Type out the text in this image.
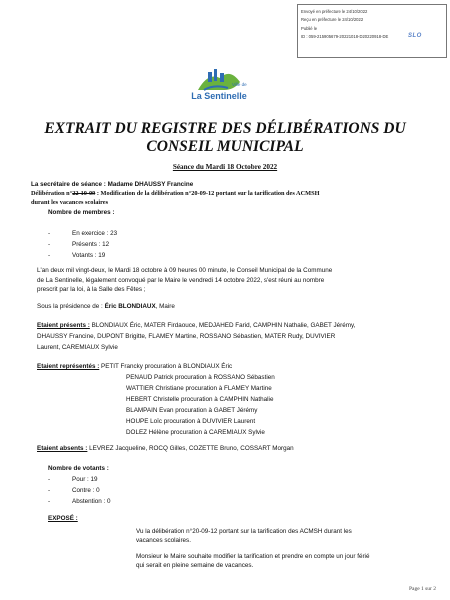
Envoyé en préfecture le 24/10/2022
Reçu en préfecture le 24/10/2022
Publié le
ID : 059-215905679-20221018-D20220918-DE	SLO
Ville de
La Sentinelle
EXTRAIT DU REGISTRE DES DÉLIBÉRATIONS DU CONSEIL MUNICIPAL
Séance du Mardi 18 Octobre 2022
La secrétaire de séance : Madame DHAUSSY Francine
Délibération n°22-10-09 : Modification de la délibération n°20-09-12 portant sur la tarification des ACMSH
durant les vacances scolaires
Nombre de membres :
-	En exercice : 23
-	Présents : 12
-	Votants : 19
L'an deux mil vingt-deux, le Mardi 18 octobre à 09 heures 00 minute, le Conseil Municipal de la Commune
de La Sentinelle, légalement convoqué par le Maire le vendredi 14 octobre 2022, s'est réuni au nombre
prescrit par la loi, à la Salle des Fêtes ;
Sous la présidence de : Éric BLONDIAUX, Maire
Etaient présents : BLONDIAUX Éric, MATER Firdaouce, MEDJAHED Farid, CAMPHIN Nathalie, GABET Jérémy,
DHAUSSY Francine, DUPONT Brigitte, FLAMEY Martine, ROSSANO Sébastien, MATER Rudy, DUVIVIER
Laurent, CAREMIAUX Sylvie
Etaient représentés : PETIT Francky procuration à BLONDIAUX Éric
PENAUD Patrick procuration à ROSSANO Sébastien
WATTIER Christiane procuration à FLAMEY Martine
HEBERT Christelle procuration à CAMPHIN Nathalie
BLAMPAIN Evan procuration à GABET Jérémy
HOUPE Loïc procuration à DUVIVIER Laurent
DOLEZ Hélène procuration à CAREMIAUX Sylvie
Etaient absents : LEVREZ Jacqueline, ROCQ Gilles, COZETTE Bruno, COSSART Morgan
Nombre de votants :
-	Pour : 19
-	Contre : 0
-	Abstention : 0
EXPOSÉ :
Vu la délibération n°20-09-12 portant sur la tarification des ACMSH durant les
vacances scolaires.
Monsieur le Maire souhaite modifier la tarification et prendre en compte un jour férié
qui serait en pleine semaine de vacances.
Page 1 sur 2
